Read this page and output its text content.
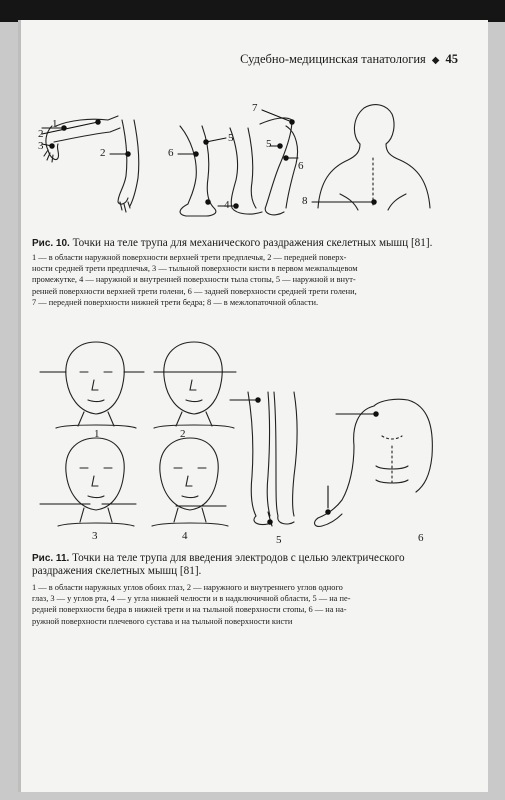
Судебно-медицинская танатология ◆ 45
1
2
3
2	6
5
4
7
5
6
8
Рис. 10. Точки на теле трупа для механического раздражения скелетных мышц [81].
1 — в области наружной поверхности верхней трети предплечья, 2 — передней поверх-
ности средней трети предплечья, 3 — тыльной поверхности кисти в первом межпальцевом
промежутке, 4 — наружной и внутренней поверхности тыла стопы, 5 — наружной и внут-
ренней поверхности верхней трети голени, 6 — задней поверхности средней трети голени,
7 — передней поверхности нижней трети бедра; 8 — в межлопаточной области.
1	2
3	4	5	6
Рис. 11. Точки на теле трупа для введения электродов с целью электрического
раздражения скелетных мышц [81].
1 — в области наружных углов обоих глаз, 2 — наружного и внутреннего углов одного
глаз, 3 — у углов рта, 4 — у угла нижней челюсти и в надключичной области, 5 — на пе-
редней поверхности бедра в нижней трети и на тыльной поверхности стопы, 6 — на на-
ружной поверхности плечевого сустава и на тыльной поверхности кисти
